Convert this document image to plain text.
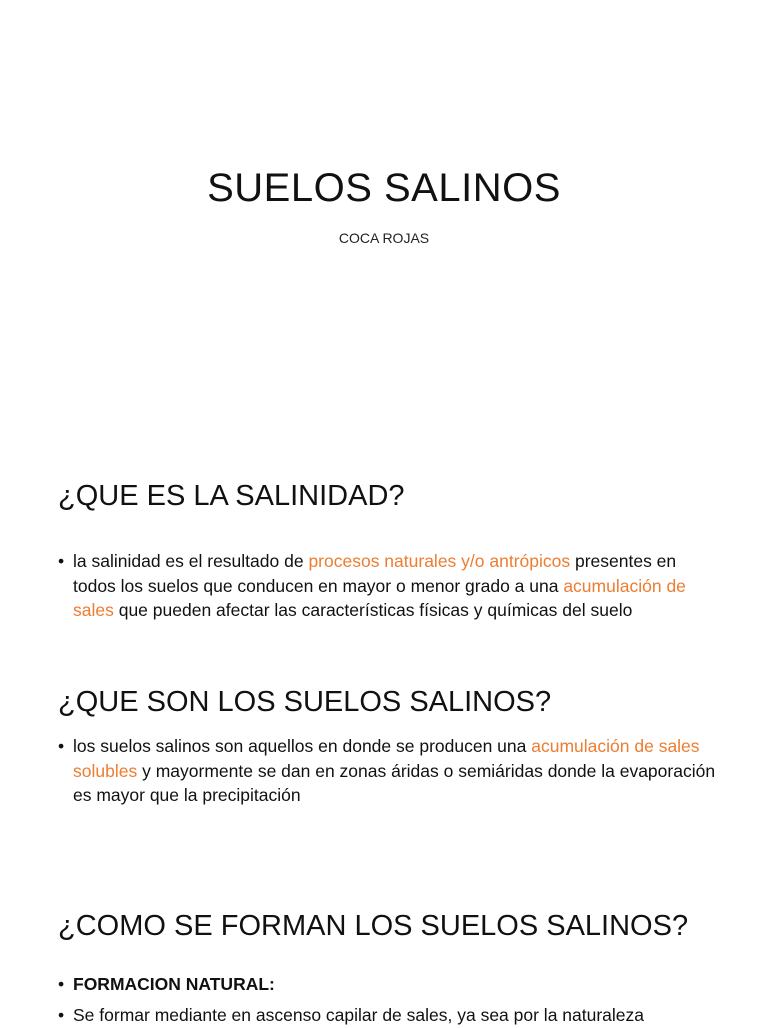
SUELOS SALINOS

COCA ROJAS

¿QUE ES LA SALINIDAD?
• la salinidad es el resultado de procesos naturales y/o antrópicos presentes en todos los suelos que conducen en mayor o menor grado a una acumulación de sales que pueden afectar las características físicas y químicas del suelo
¿QUE SON LOS SUELOS SALINOS?
• los suelos salinos son aquellos en donde se producen una acumulación de sales solubles y mayormente se dan en zonas áridas o semiáridas donde la evaporación es mayor que la precipitación
¿COMO SE FORMAN LOS SUELOS SALINOS?
• FORMACION NATURAL:
• Se formar mediante en ascenso capilar de sales, ya sea por la naturaleza
